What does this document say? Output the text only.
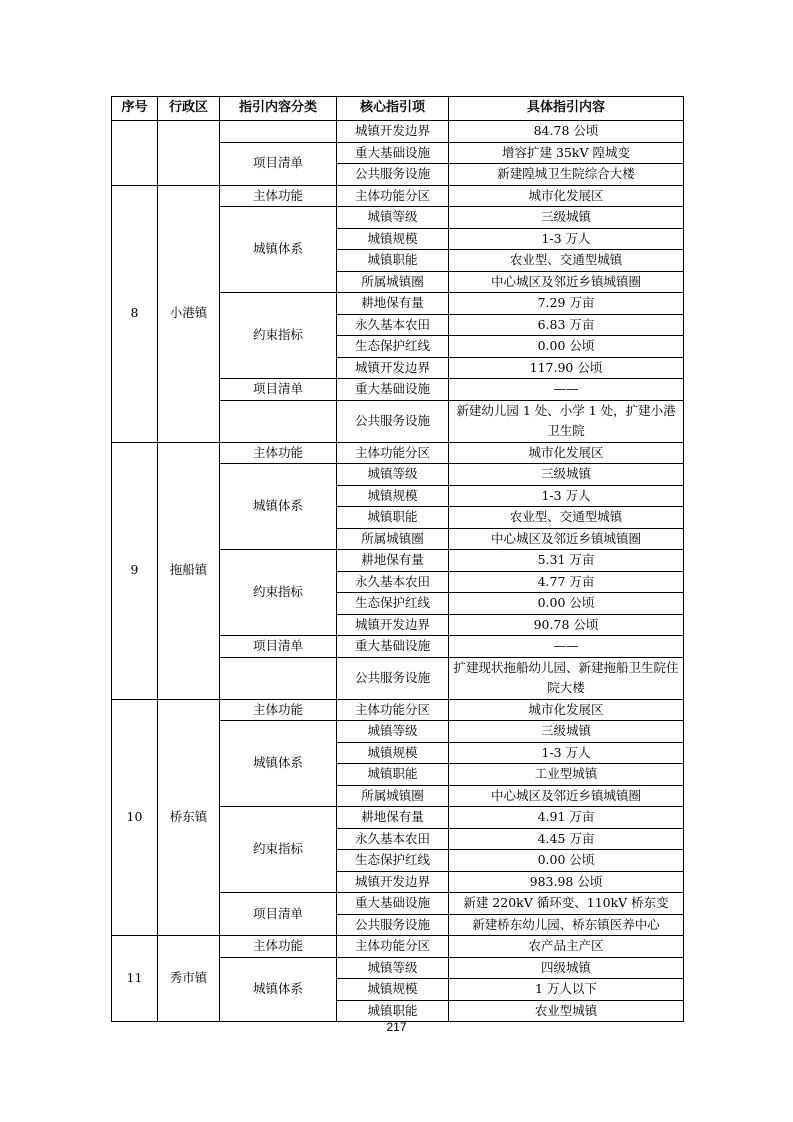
序号	行政区	指引内容分类	核心指引项	具体指引内容
			城镇开发边界	84.78 公顷
		项目清单	重大基础设施	增容扩建 35kV 隍城变
			公共服务设施	新建隍城卫生院综合大楼
8	小港镇	主体功能	主体功能分区	城市化发展区
		城镇体系	城镇等级	三级城镇
			城镇规模	1-3 万人
			城镇职能	农业型、交通型城镇
			所属城镇圈	中心城区及邻近乡镇城镇圈
		约束指标	耕地保有量	7.29 万亩
			永久基本农田	6.83 万亩
			生态保护红线	0.00 公顷
			城镇开发边界	117.90 公顷
		项目清单	重大基础设施	——
			公共服务设施	新建幼儿园 1 处、小学 1 处，扩建小港卫生院

9	拖船镇	主体功能	主体功能分区	城市化发展区
		城镇体系	城镇等级	三级城镇
			城镇规模	1-3 万人
			城镇职能	农业型、交通型城镇
			所属城镇圈	中心城区及邻近乡镇城镇圈
		约束指标	耕地保有量	5.31 万亩
			永久基本农田	4.77 万亩
			生态保护红线	0.00 公顷
			城镇开发边界	90.78 公顷
		项目清单	重大基础设施	——
			公共服务设施	扩建现状拖船幼儿园、新建拖船卫生院住院大楼

10	桥东镇	主体功能	主体功能分区	城市化发展区
		城镇体系	城镇等级	三级城镇
			城镇规模	1-3 万人
			城镇职能	工业型城镇
			所属城镇圈	中心城区及邻近乡镇城镇圈
		约束指标	耕地保有量	4.91 万亩
			永久基本农田	4.45 万亩
			生态保护红线	0.00 公顷
			城镇开发边界	983.98 公顷
		项目清单	重大基础设施	新建 220kV 循环变、110kV 桥东变
			公共服务设施	新建桥东幼儿园、桥东镇医养中心
11	秀市镇	主体功能	主体功能分区	农产品主产区
		城镇体系	城镇等级	四级城镇
			城镇规模	1 万人以下
			城镇职能	农业型城镇
217
